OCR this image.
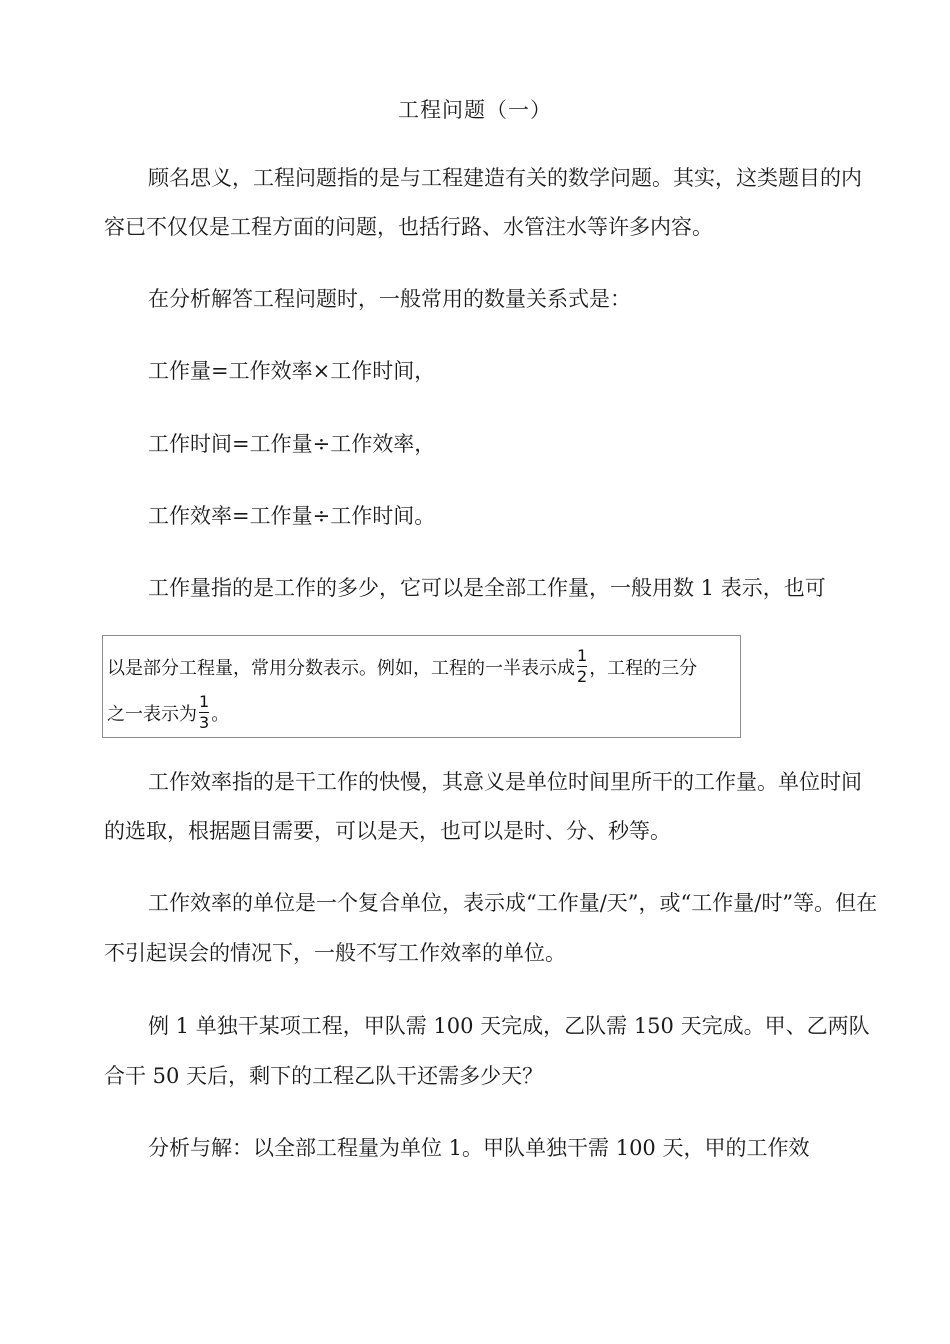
工程问题（一）
顾名思义，工程问题指的是与工程建造有关的数学问题。其实，这类题目的内
容已不仅仅是工程方面的问题，也括行路、水管注水等许多内容。
在分析解答工程问题时，一般常用的数量关系式是：
工作量=工作效率×工作时间，
工作时间=工作量÷工作效率，
工作效率=工作量÷工作时间。
工作量指的是工作的多少，它可以是全部工作量，一般用数 1 表示，也可
以是部分工程量，常用分数表示。例如，工程的一半表示成 $\frac{1}{2}$ ，工程的三分
之一表示为 $\frac{1}{3}$ 。
工作效率指的是干工作的快慢，其意义是单位时间里所干的工作量。单位时间
的选取，根据题目需要，可以是天，也可以是时、分、秒等。
工作效率的单位是一个复合单位，表示成“工作量/天”，或“工作量/时”等。但在
不引起误会的情况下，一般不写工作效率的单位。
例 1 单独干某项工程，甲队需 100 天完成，乙队需 150 天完成。甲、乙两队
合干 50 天后，剩下的工程乙队干还需多少天？
分析与解：以全部工程量为单位 1。甲队单独干需 100 天，甲的工作效
